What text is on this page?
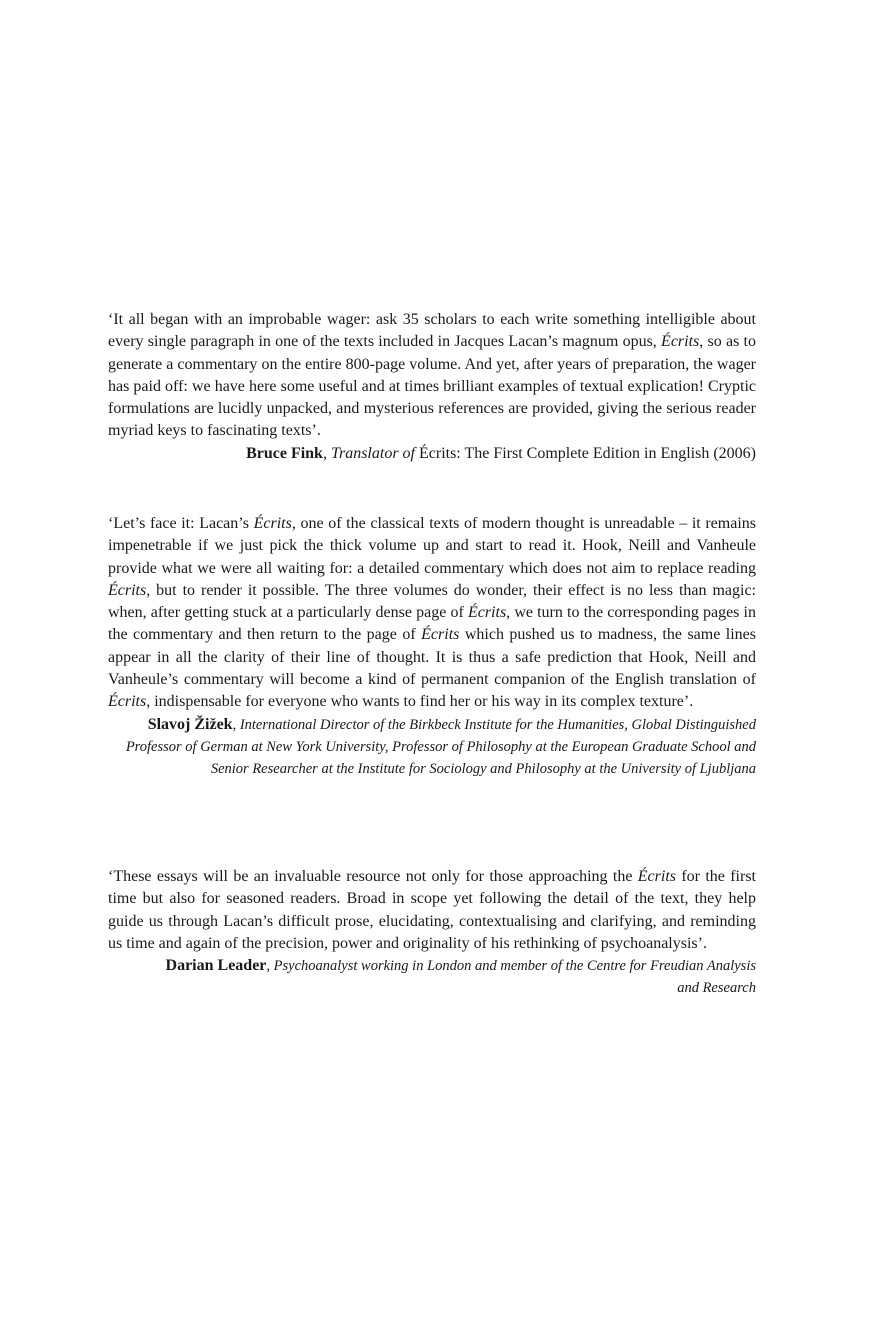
‘It all began with an improbable wager: ask 35 scholars to each write something intelligible about every single paragraph in one of the texts included in Jacques Lacan’s magnum opus, Écrits, so as to generate a commentary on the entire 800-page volume. And yet, after years of preparation, the wager has paid off: we have here some useful and at times brilliant examples of textual explication! Cryptic formulations are lucidly unpacked, and mysterious references are provided, giving the serious reader myriad keys to fascinating texts’.

Bruce Fink, Translator of Écrits: The First Complete Edition in English (2006)

‘Let’s face it: Lacan’s Écrits, one of the classical texts of modern thought is unreadable – it remains impenetrable if we just pick the thick volume up and start to read it. Hook, Neill and Vanheule provide what we were all waiting for: a detailed commentary which does not aim to replace reading Écrits, but to render it possible. The three volumes do wonder, their effect is no less than magic: when, after getting stuck at a particularly dense page of Écrits, we turn to the corresponding pages in the commentary and then return to the page of Écrits which pushed us to madness, the same lines appear in all the clarity of their line of thought. It is thus a safe prediction that Hook, Neill and Vanheule’s commentary will become a kind of permanent companion of the English translation of Écrits, indispensable for everyone who wants to find her or his way in its complex texture’.

Slavoj Žižek, International Director of the Birkbeck Institute for the Humanities, Global Distinguished Professor of German at New York University, Professor of Philosophy at the European Graduate School and Senior Researcher at the Institute for Sociology and Philosophy at the University of Ljubljana

‘These essays will be an invaluable resource not only for those approaching the Écrits for the first time but also for seasoned readers. Broad in scope yet following the detail of the text, they help guide us through Lacan’s difficult prose, elucidating, contextualising and clarifying, and reminding us time and again of the precision, power and originality of his rethinking of psychoanalysis’.

Darian Leader, Psychoanalyst working in London and member of the Centre for Freudian Analysis and Research
